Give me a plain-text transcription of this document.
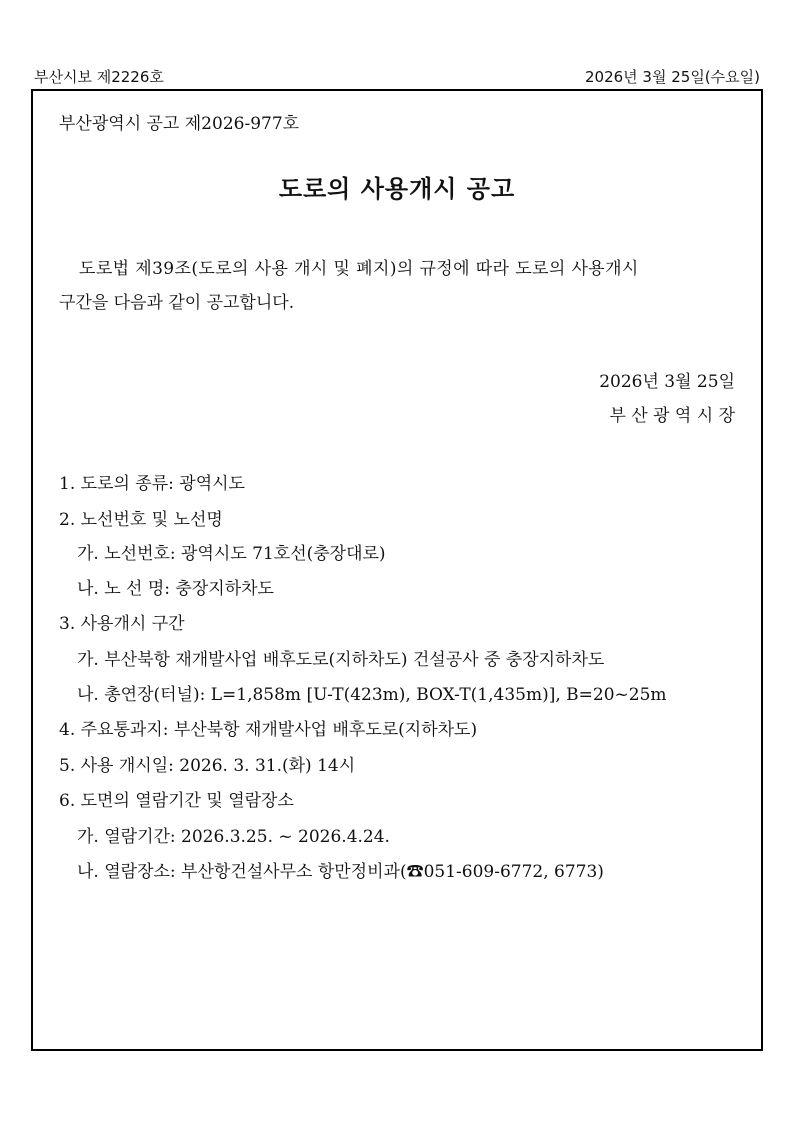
부산시보 제2226호	2026년 3월 25일(수요일)
부산광역시 공고 제2026-977호
도로의 사용개시 공고
도로법 제39조(도로의 사용 개시 및 폐지)의 규정에 따라 도로의 사용개시
구간을 다음과 같이 공고합니다.
2026년 3월 25일
부 산 광 역 시 장
1. 도로의 종류: 광역시도
2. 노선번호 및 노선명
가. 노선번호: 광역시도 71호선(충장대로)
나. 노 선 명: 충장지하차도
3. 사용개시 구간
가. 부산북항 재개발사업 배후도로(지하차도) 건설공사 중 충장지하차도
나. 총연장(터널): L=1,858m [U-T(423m), BOX-T(1,435m)], B=20~25m
4. 주요통과지: 부산북항 재개발사업 배후도로(지하차도)
5. 사용 개시일: 2026. 3. 31.(화) 14시
6. 도면의 열람기간 및 열람장소
가. 열람기간: 2026.3.25. ~ 2026.4.24.
나. 열람장소: 부산항건설사무소 항만정비과(☎051-609-6772, 6773)
